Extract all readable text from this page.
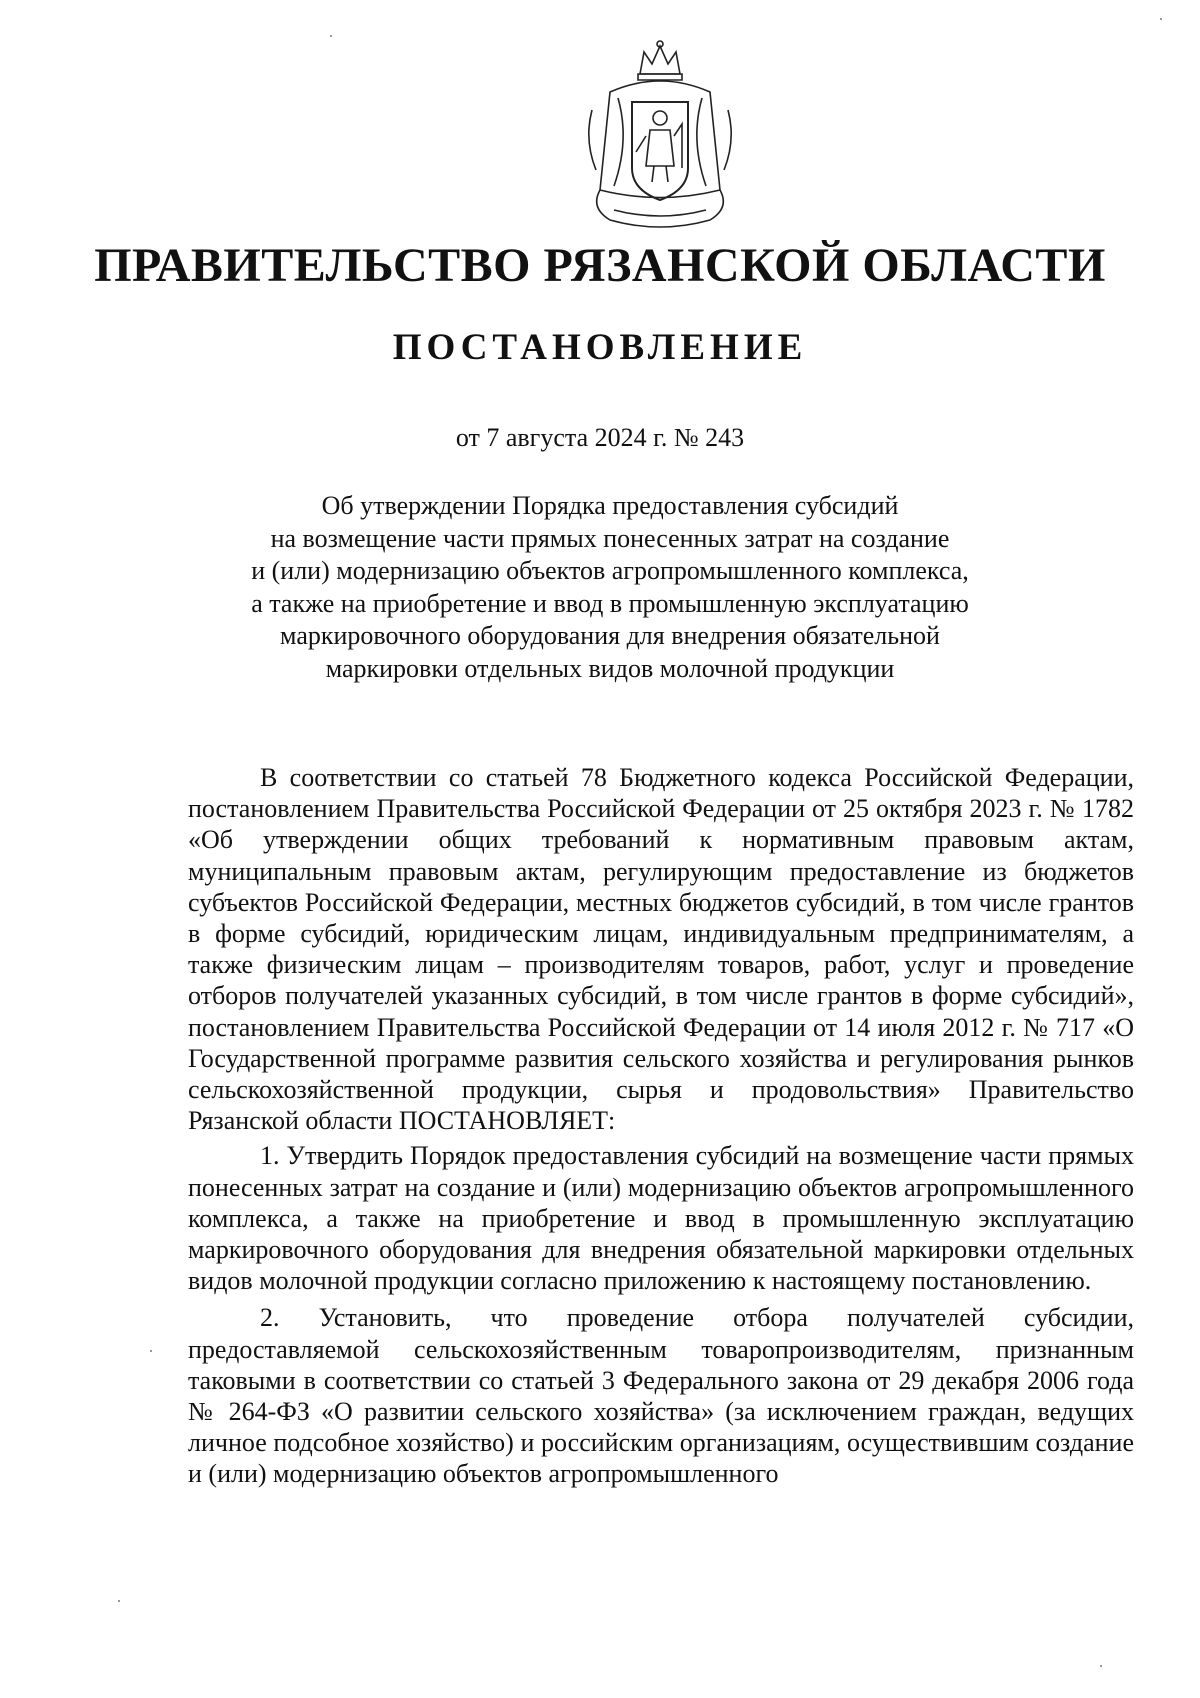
ПРАВИТЕЛЬСТВО РЯЗАНСКОЙ ОБЛАСТИ
ПОСТАНОВЛЕНИЕ
от 7 августа 2024 г. № 243
Об утверждении Порядка предоставления субсидий
на возмещение части прямых понесенных затрат на создание
и (или) модернизацию объектов агропромышленного комплекса,
а также на приобретение и ввод в промышленную эксплуатацию
маркировочного оборудования для внедрения обязательной
маркировки отдельных видов молочной продукции

В соответствии со статьей 78 Бюджетного кодекса Российской Федерации, постановлением Правительства Российской Федерации от 25 октября 2023 г. № 1782 «Об утверждении общих требований к нормативным правовым актам, муниципальным правовым актам, регулирующим предоставление из бюджетов субъектов Российской Федерации, местных бюджетов субсидий, в том числе грантов в форме субсидий, юридическим лицам, индивидуальным предпринимателям, а также физическим лицам – производителям товаров, работ, услуг и проведение отборов получателей указанных субсидий, в том числе грантов в форме субсидий», постановлением Правительства Российской Федерации от 14 июля 2012 г. № 717 «О Государственной программе развития сельского хозяйства и регулирования рынков сельскохозяйственной продукции, сырья и продовольствия» Правительство Рязанской области ПОСТАНОВЛЯЕТ:

1. Утвердить Порядок предоставления субсидий на возмещение части прямых понесенных затрат на создание и (или) модернизацию объектов агропромышленного комплекса, а также на приобретение и ввод в промышленную эксплуатацию маркировочного оборудования для внедрения обязательной маркировки отдельных видов молочной продукции согласно приложению к настоящему постановлению.

2. Установить, что проведение отбора получателей субсидии, предоставляемой сельскохозяйственным товаропроизводителям, признанным таковыми в соответствии со статьей 3 Федерального закона от 29 декабря 2006 года № 264-ФЗ «О развитии сельского хозяйства» (за исключением граждан, ведущих личное подсобное хозяйство) и российским организациям, осуществившим создание и (или) модернизацию объектов агропромышленного
